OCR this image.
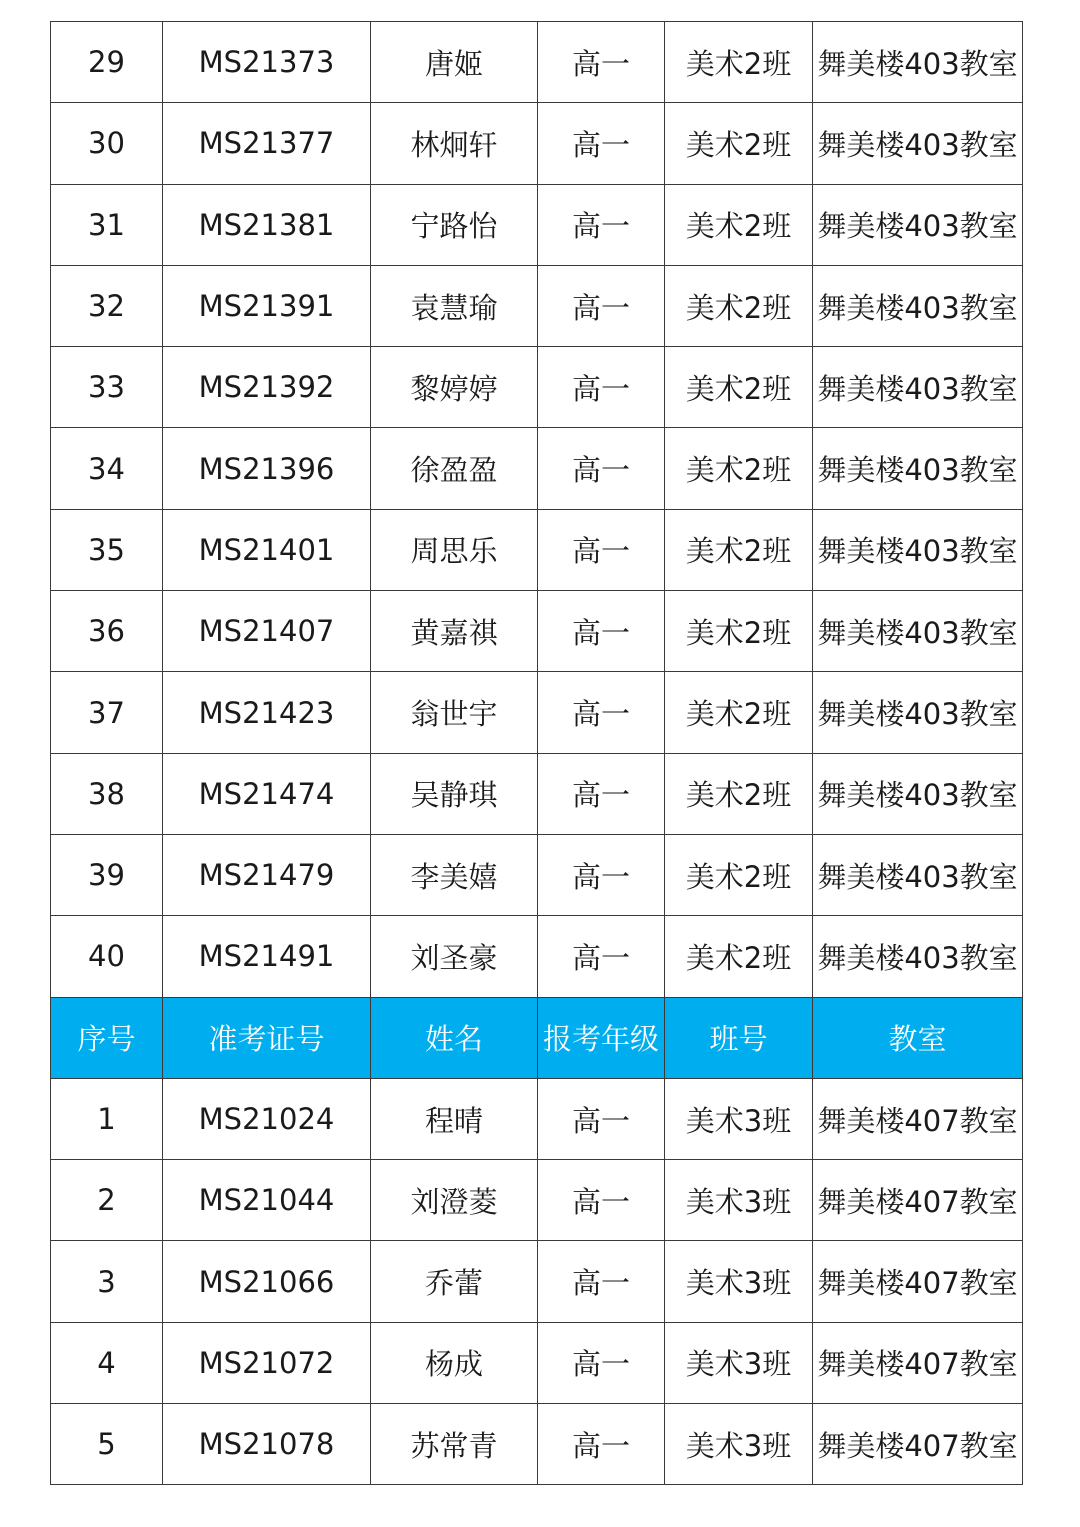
29	MS21373	唐姬	高一	美术2班	舞美楼403教室
30	MS21377	林炯轩	高一	美术2班	舞美楼403教室
31	MS21381	宁路怡	高一	美术2班	舞美楼403教室
32	MS21391	袁慧瑜	高一	美术2班	舞美楼403教室
33	MS21392	黎婷婷	高一	美术2班	舞美楼403教室
34	MS21396	徐盈盈	高一	美术2班	舞美楼403教室
35	MS21401	周思乐	高一	美术2班	舞美楼403教室
36	MS21407	黄嘉祺	高一	美术2班	舞美楼403教室
37	MS21423	翁世宇	高一	美术2班	舞美楼403教室
38	MS21474	吴静琪	高一	美术2班	舞美楼403教室
39	MS21479	李美嬉	高一	美术2班	舞美楼403教室
40	MS21491	刘圣豪	高一	美术2班	舞美楼403教室
序号	准考证号	姓名	报考年级	班号	教室
1	MS21024	程晴	高一	美术3班	舞美楼407教室
2	MS21044	刘澄菱	高一	美术3班	舞美楼407教室
3	MS21066	乔蕾	高一	美术3班	舞美楼407教室
4	MS21072	杨成	高一	美术3班	舞美楼407教室
5	MS21078	苏常青	高一	美术3班	舞美楼407教室
